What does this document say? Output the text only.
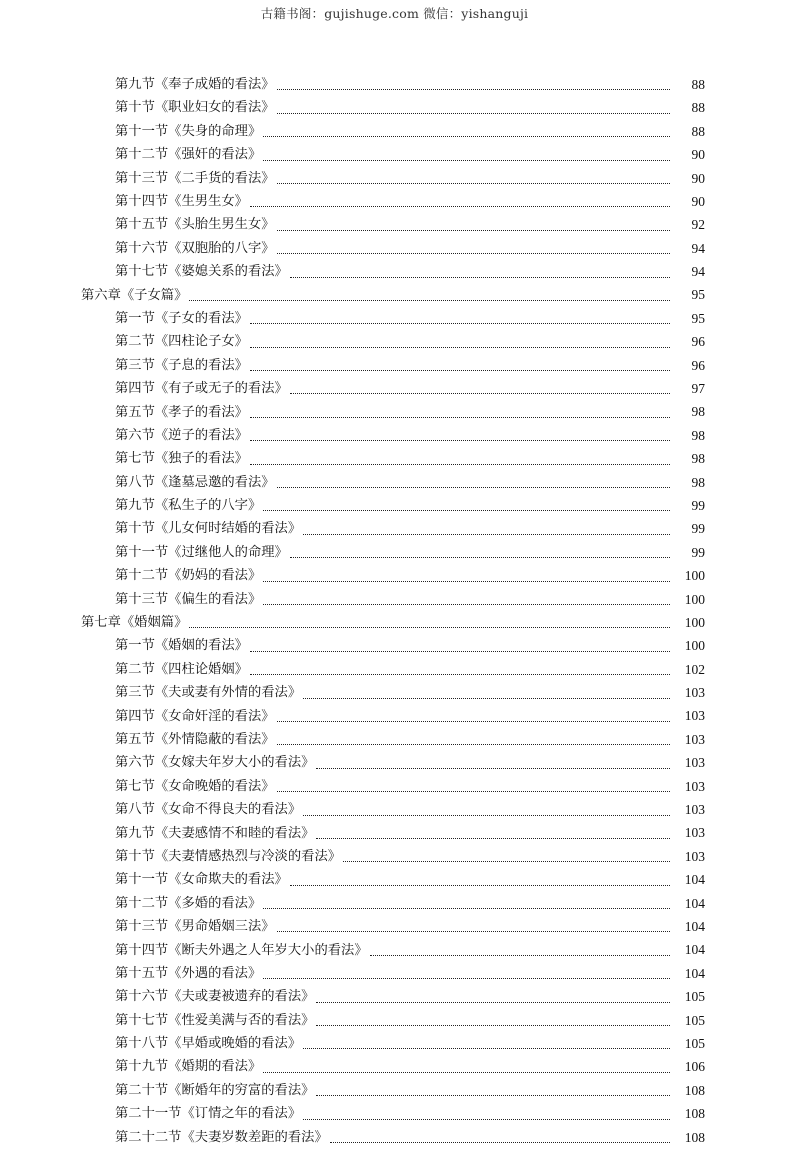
古籍书阁：gujishuge.com 微信：yishanguji
第九节《奉子成婚的看法》	88
第十节《职业妇女的看法》	88
第十一节《失身的命理》	88
第十二节《强奸的看法》	90
第十三节《二手货的看法》	90
第十四节《生男生女》	90
第十五节《头胎生男生女》	92
第十六节《双胞胎的八字》	94
第十七节《婆媳关系的看法》	94
第六章《子女篇》	95
第一节《子女的看法》	95
第二节《四柱论子女》	96
第三节《子息的看法》	96
第四节《有子或无子的看法》	97
第五节《孝子的看法》	98
第六节《逆子的看法》	98
第七节《独子的看法》	98
第八节《逢墓忌邀的看法》	98
第九节《私生子的八字》	99
第十节《儿女何时结婚的看法》	99
第十一节《过继他人的命理》	99
第十二节《奶妈的看法》	100
第十三节《偏生的看法》	100
第七章《婚姻篇》	100
第一节《婚姻的看法》	100
第二节《四柱论婚姻》	102
第三节《夫或妻有外情的看法》	103
第四节《女命奸淫的看法》	103
第五节《外情隐蔽的看法》	103
第六节《女嫁夫年岁大小的看法》	103
第七节《女命晚婚的看法》	103
第八节《女命不得良夫的看法》	103
第九节《夫妻感情不和睦的看法》	103
第十节《夫妻情感热烈与冷淡的看法》	103
第十一节《女命欺夫的看法》	104
第十二节《多婚的看法》	104
第十三节《男命婚姻三法》	104
第十四节《断夫外遇之人年岁大小的看法》	104
第十五节《外遇的看法》	104
第十六节《夫或妻被遗弃的看法》	105
第十七节《性爱美满与否的看法》	105
第十八节《早婚或晚婚的看法》	105
第十九节《婚期的看法》	106
第二十节《断婚年的穷富的看法》	108
第二十一节《订情之年的看法》	108
第二十二节《夫妻岁数差距的看法》	108
